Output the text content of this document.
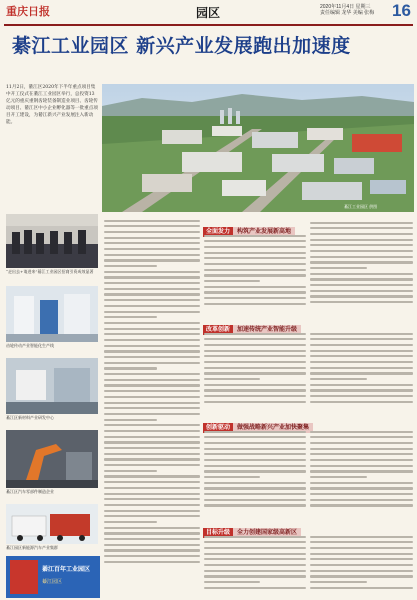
重庆日报	园区	2020年11月4日 星期三
责任编辑 龙华 美编 张梅 16
綦江工业园区 新兴产业发展跑出加速度
11月2日，綦江区2020年下半年重点项目集中开工仪式在綦江工业园区举行，总投资13亿元的重庆重钢齿轮装备制造业项目、齿轮传动项目、綦江区中小企业孵化器等一批重点项目开工建设，为綦江新兴产业发展注入新动能。
綦江工业园区 供图
“走出去+请进来”綦江工业园区招商引资成效显著
齿轮传动产业智能化生产线
綦江区新材料产业研发中心
綦江区汽车零部件制造企业
綦江园区新能源汽车产业集群
綦江百年工业园区
綦江园区
全面发力 构筑产业发展新高地
改革创新 加速传统产业智能升级
创新驱动 做强战略新兴产业加快聚集
目标升级 全力创建国家级高新区
